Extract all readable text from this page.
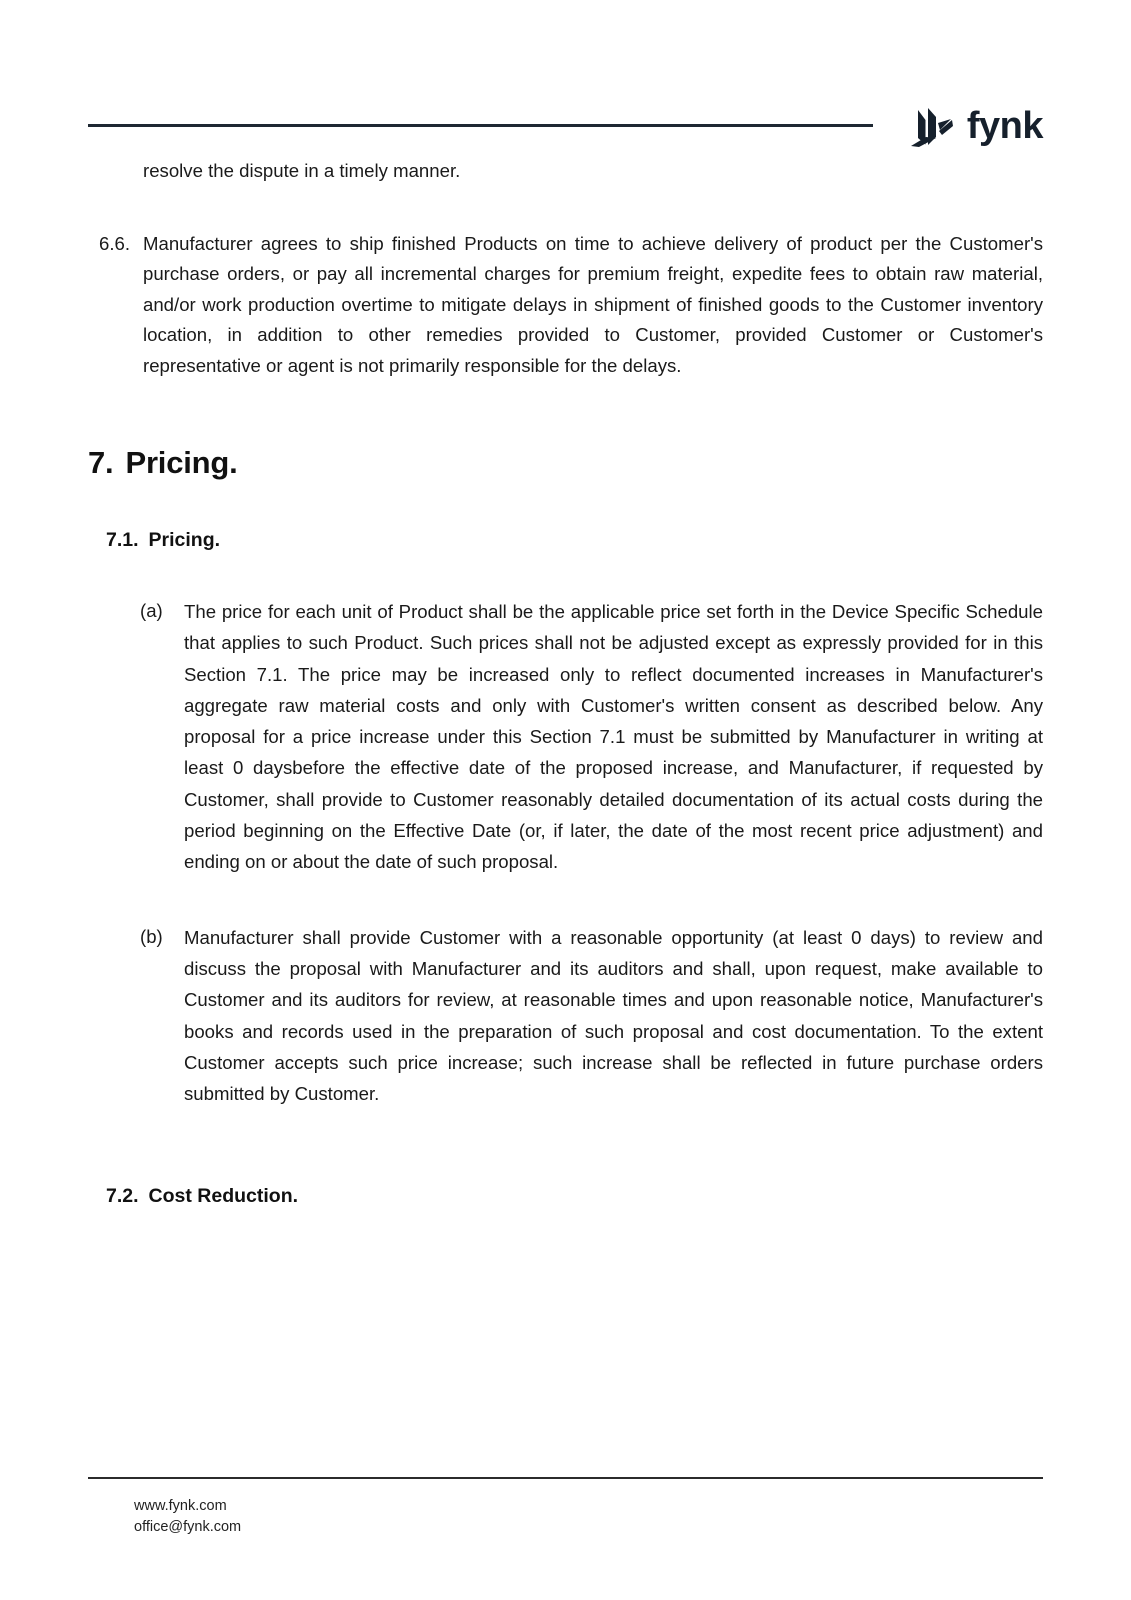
fynk
resolve the dispute in a timely manner.
6.6. Manufacturer agrees to ship finished Products on time to achieve delivery of product per the Customer's purchase orders, or pay all incremental charges for premium freight, expedite fees to obtain raw material, and/or work production overtime to mitigate delays in shipment of finished goods to the Customer inventory location, in addition to other remedies provided to Customer, provided Customer or Customer's representative or agent is not primarily responsible for the delays.
7. Pricing.
7.1. Pricing.
(a)	The price for each unit of Product shall be the applicable price set forth in the Device Specific Schedule that applies to such Product. Such prices shall not be adjusted except as expressly provided for in this Section 7.1. The price may be increased only to reflect documented increases in Manufacturer's aggregate raw material costs and only with Customer's written consent as described below. Any proposal for a price increase under this Section 7.1 must be submitted by Manufacturer in writing at least 0 daysbefore the effective date of the proposed increase, and Manufacturer, if requested by Customer, shall provide to Customer reasonably detailed documentation of its actual costs during the period beginning on the Effective Date (or, if later, the date of the most recent price adjustment) and ending on or about the date of such proposal.
(b)	Manufacturer shall provide Customer with a reasonable opportunity (at least 0 days) to review and discuss the proposal with Manufacturer and its auditors and shall, upon request, make available to Customer and its auditors for review, at reasonable times and upon reasonable notice, Manufacturer's books and records used in the preparation of such proposal and cost documentation. To the extent Customer accepts such price increase; such increase shall be reflected in future purchase orders submitted by Customer.
7.2. Cost Reduction.
www.fynk.com
office@fynk.com
